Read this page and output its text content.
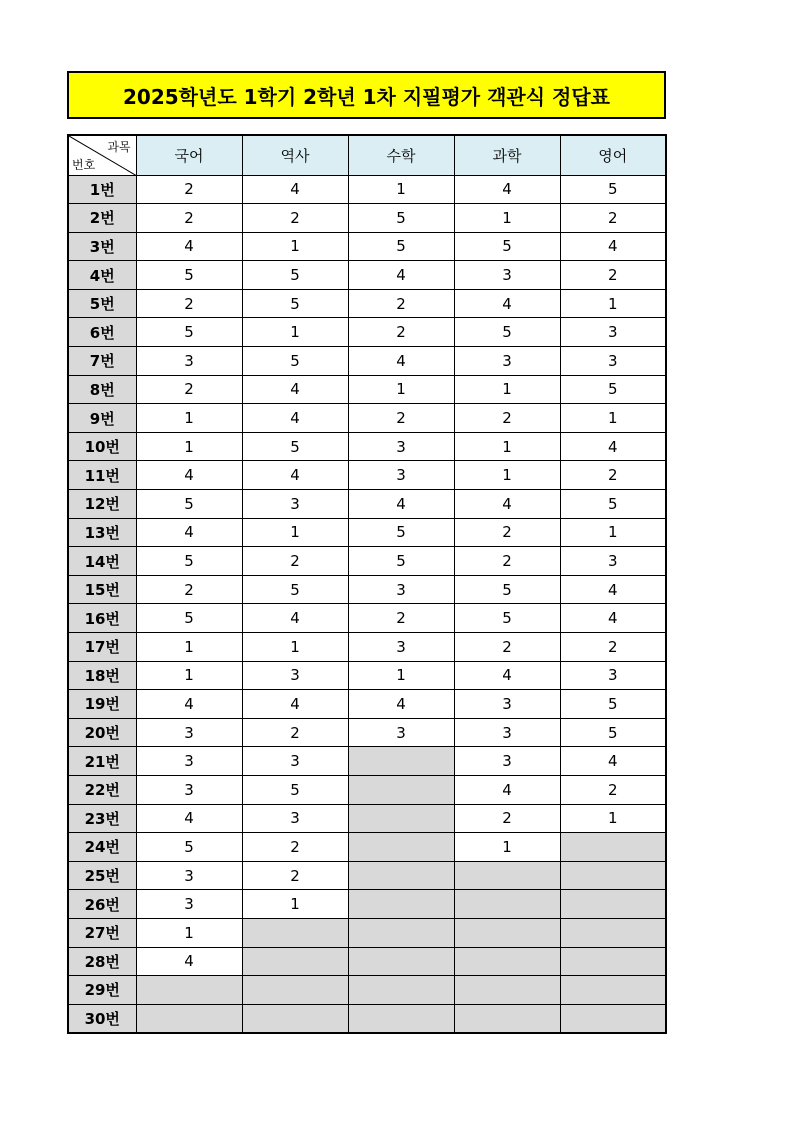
2025학년도 1학기 2학년 1차 지필평가 객관식 정답표
과목
번호	국어	역사	수학	과학	영어
1번	2	4	1	4	5
2번	2	2	5	1	2
3번	4	1	5	5	4
4번	5	5	4	3	2
5번	2	5	2	4	1
6번	5	1	2	5	3
7번	3	5	4	3	3
8번	2	4	1	1	5
9번	1	4	2	2	1
10번	1	5	3	1	4
11번	4	4	3	1	2
12번	5	3	4	4	5
13번	4	1	5	2	1
14번	5	2	5	2	3
15번	2	5	3	5	4
16번	5	4	2	5	4
17번	1	1	3	2	2
18번	1	3	1	4	3
19번	4	4	4	3	5
20번	3	2	3	3	5
21번	3	3		3	4
22번	3	5		4	2
23번	4	3		2	1
24번	5	2		1	
25번	3	2			
26번	3	1			
27번	1				
28번	4				
29번					
30번					
